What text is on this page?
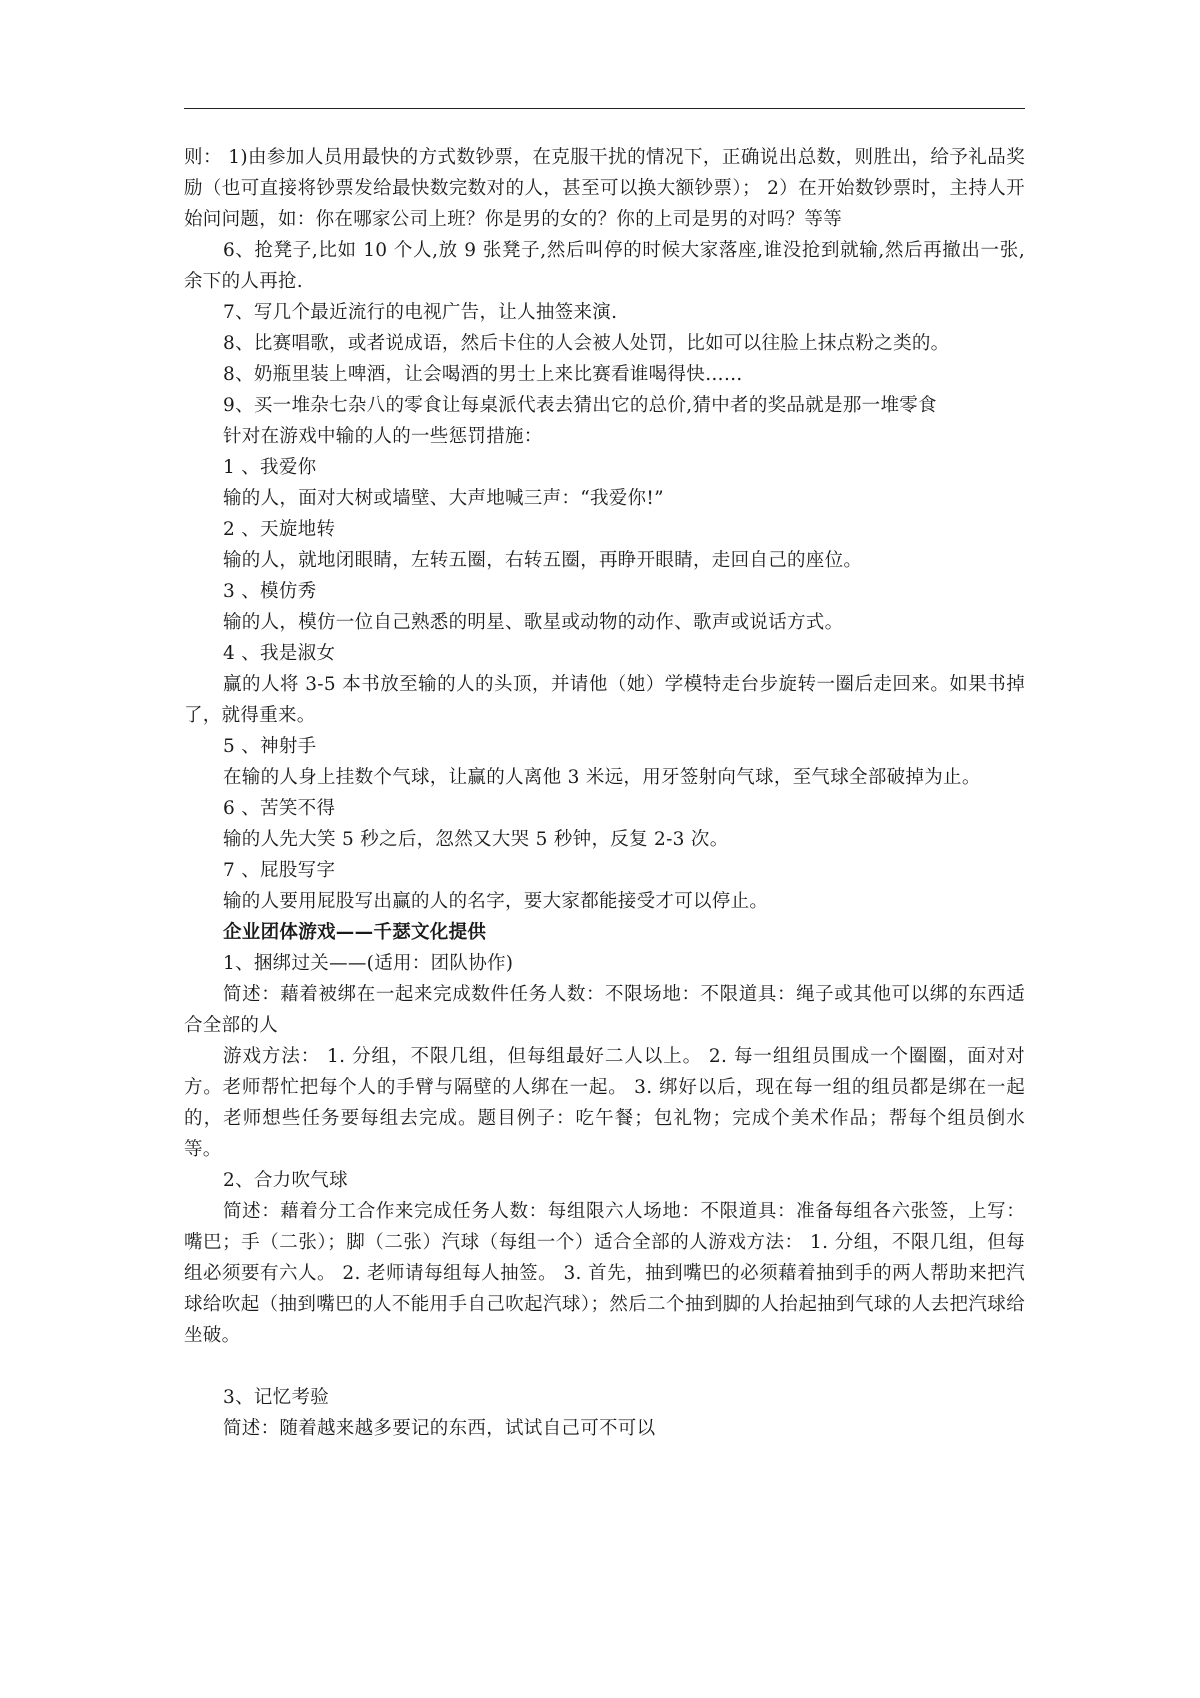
则： 1)由参加人员用最快的方式数钞票，在克服干扰的情况下，正确说出总数，则胜出，给予礼品奖励（也可直接将钞票发给最快数完数对的人，甚至可以换大额钞票）； 2）在开始数钞票时，主持人开始问问题，如：你在哪家公司上班？你是男的女的？你的上司是男的对吗？等等

6、抢凳子,比如 10 个人,放 9 张凳子,然后叫停的时候大家落座,谁没抢到就输,然后再撤出一张,余下的人再抢.

7、写几个最近流行的电视广告，让人抽签来演.

8、比赛唱歌，或者说成语，然后卡住的人会被人处罚，比如可以往脸上抹点粉之类的。

8、奶瓶里装上啤酒，让会喝酒的男士上来比赛看谁喝得快……

9、买一堆杂七杂八的零食让每桌派代表去猜出它的总价,猜中者的奖品就是那一堆零食

针对在游戏中输的人的一些惩罚措施：

1 、我爱你

输的人，面对大树或墙壁、大声地喊三声：“我爱你!”

2 、天旋地转

输的人，就地闭眼睛，左转五圈，右转五圈，再睁开眼睛，走回自己的座位。

3 、模仿秀

输的人，模仿一位自己熟悉的明星、歌星或动物的动作、歌声或说话方式。

4 、我是淑女

赢的人将 3-5 本书放至输的人的头顶，并请他（她）学模特走台步旋转一圈后走回来。如果书掉了，就得重来。

5 、神射手

在输的人身上挂数个气球，让赢的人离他 3 米远，用牙签射向气球，至气球全部破掉为止。

6 、苦笑不得

输的人先大笑 5 秒之后，忽然又大哭 5 秒钟，反复 2-3 次。

7 、屁股写字

输的人要用屁股写出赢的人的名字，要大家都能接受才可以停止。

企业团体游戏——千瑟文化提供

1、捆绑过关——(适用：团队协作)

简述：藉着被绑在一起来完成数件任务人数：不限场地：不限道具：绳子或其他可以绑的东西适合全部的人

游戏方法： 1. 分组，不限几组，但每组最好二人以上。 2. 每一组组员围成一个圈圈，面对对方。老师帮忙把每个人的手臂与隔壁的人绑在一起。 3. 绑好以后，现在每一组的组员都是绑在一起的，老师想些任务要每组去完成。题目例子：吃午餐；包礼物；完成个美术作品；帮每个组员倒水等。

2、合力吹气球

简述：藉着分工合作来完成任务人数：每组限六人场地：不限道具：准备每组各六张签，上写：嘴巴；手（二张）；脚（二张）汽球（每组一个）适合全部的人游戏方法： 1. 分组，不限几组，但每组必须要有六人。 2. 老师请每组每人抽签。 3. 首先，抽到嘴巴的必须藉着抽到手的两人帮助来把汽球给吹起（抽到嘴巴的人不能用手自己吹起汽球）；然后二个抽到脚的人抬起抽到气球的人去把汽球给坐破。

3、记忆考验

简述：随着越来越多要记的东西，试试自己可不可以
